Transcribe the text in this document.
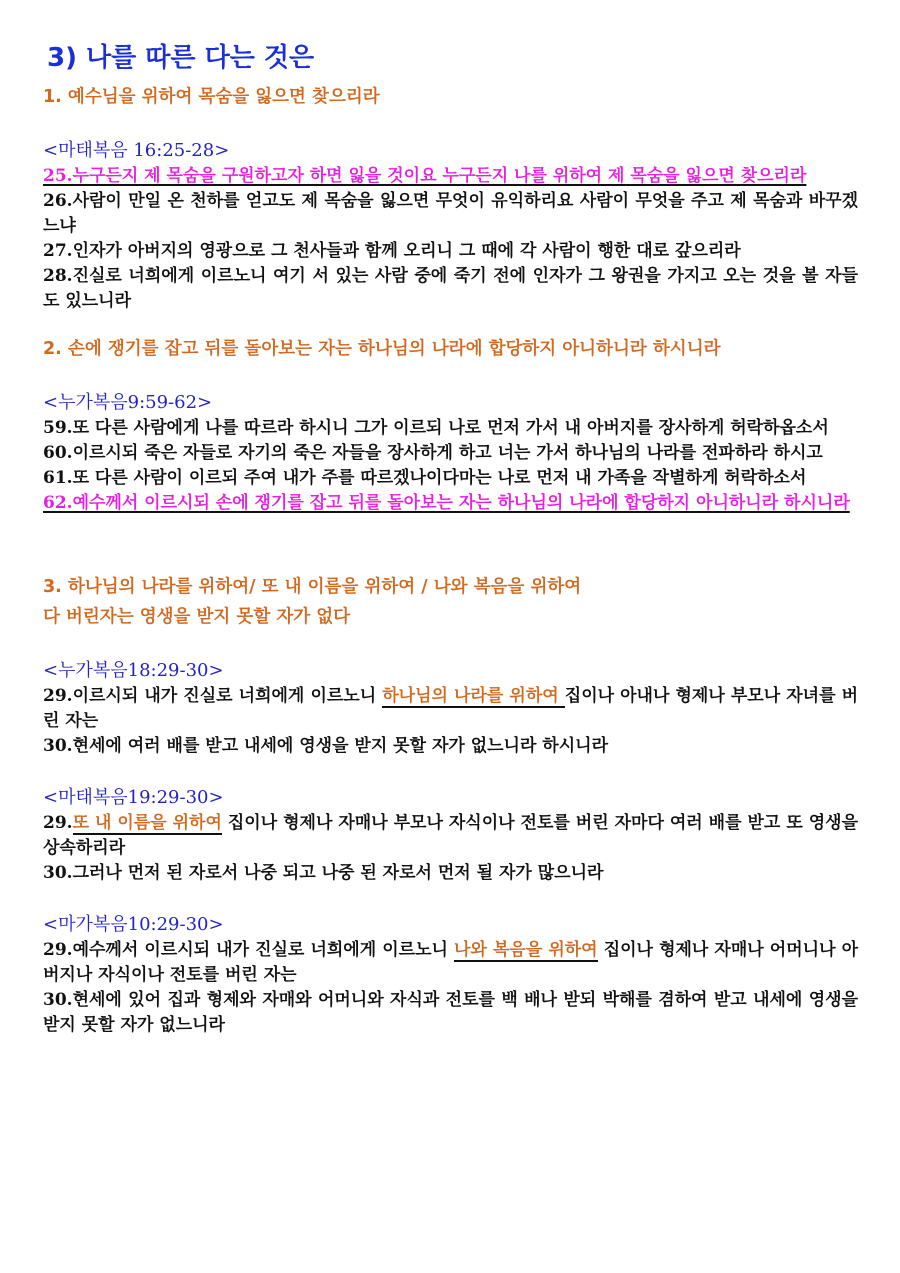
3) 나를 따른 다는 것은
1. 예수님을 위하여 목숨을 잃으면 찾으리라

<마태복음 16:25-28>

25.누구든지 제 목숨을 구원하고자 하면 잃을 것이요 누구든지 나를 위하여 제 목숨을 잃으면 찾으리라

26.사람이 만일 온 천하를 얻고도 제 목숨을 잃으면 무엇이 유익하리요 사람이 무엇을 주고 제 목숨과 바꾸겠느냐

27.인자가 아버지의 영광으로 그 천사들과 함께 오리니 그 때에 각 사람이 행한 대로 갚으리라

28.진실로 너희에게 이르노니 여기 서 있는 사람 중에 죽기 전에 인자가 그 왕권을 가지고 오는 것을 볼 자들도 있느니라

2. 손에 쟁기를 잡고 뒤를 돌아보는 자는 하나님의 나라에 합당하지 아니하니라 하시니라

<누가복음9:59-62>

59.또 다른 사람에게 나를 따르라 하시니 그가 이르되 나로 먼저 가서 내 아버지를 장사하게 허락하옵소서

60.이르시되 죽은 자들로 자기의 죽은 자들을 장사하게 하고 너는 가서 하나님의 나라를 전파하라 하시고

61.또 다른 사람이 이르되 주여 내가 주를 따르겠나이다마는 나로 먼저 내 가족을 작별하게 허락하소서

62.예수께서 이르시되 손에 쟁기를 잡고 뒤를 돌아보는 자는 하나님의 나라에 합당하지 아니하니라 하시니라

3. 하나님의 나라를 위하여/ 또 내 이름을 위하여 / 나와 복음을 위하여
다 버린자는 영생을 받지 못할 자가 없다

<누가복음18:29-30>

29.이르시되 내가 진실로 너희에게 이르노니 하나님의 나라를 위하여 집이나 아내나 형제나 부모나 자녀를 버린 자는

30.현세에 여러 배를 받고 내세에 영생을 받지 못할 자가 없느니라 하시니라

<마태복음19:29-30>

29.또 내 이름을 위하여 집이나 형제나 자매나 부모나 자식이나 전토를 버린 자마다 여러 배를 받고 또 영생을 상속하리라

30.그러나 먼저 된 자로서 나중 되고 나중 된 자로서 먼저 될 자가 많으니라

<마가복음10:29-30>

29.예수께서 이르시되 내가 진실로 너희에게 이르노니 나와 복음을 위하여 집이나 형제나 자매나 어머니나 아버지나 자식이나 전토를 버린 자는

30.현세에 있어 집과 형제와 자매와 어머니와 자식과 전토를 백 배나 받되 박해를 겸하여 받고 내세에 영생을 받지 못할 자가 없느니라
